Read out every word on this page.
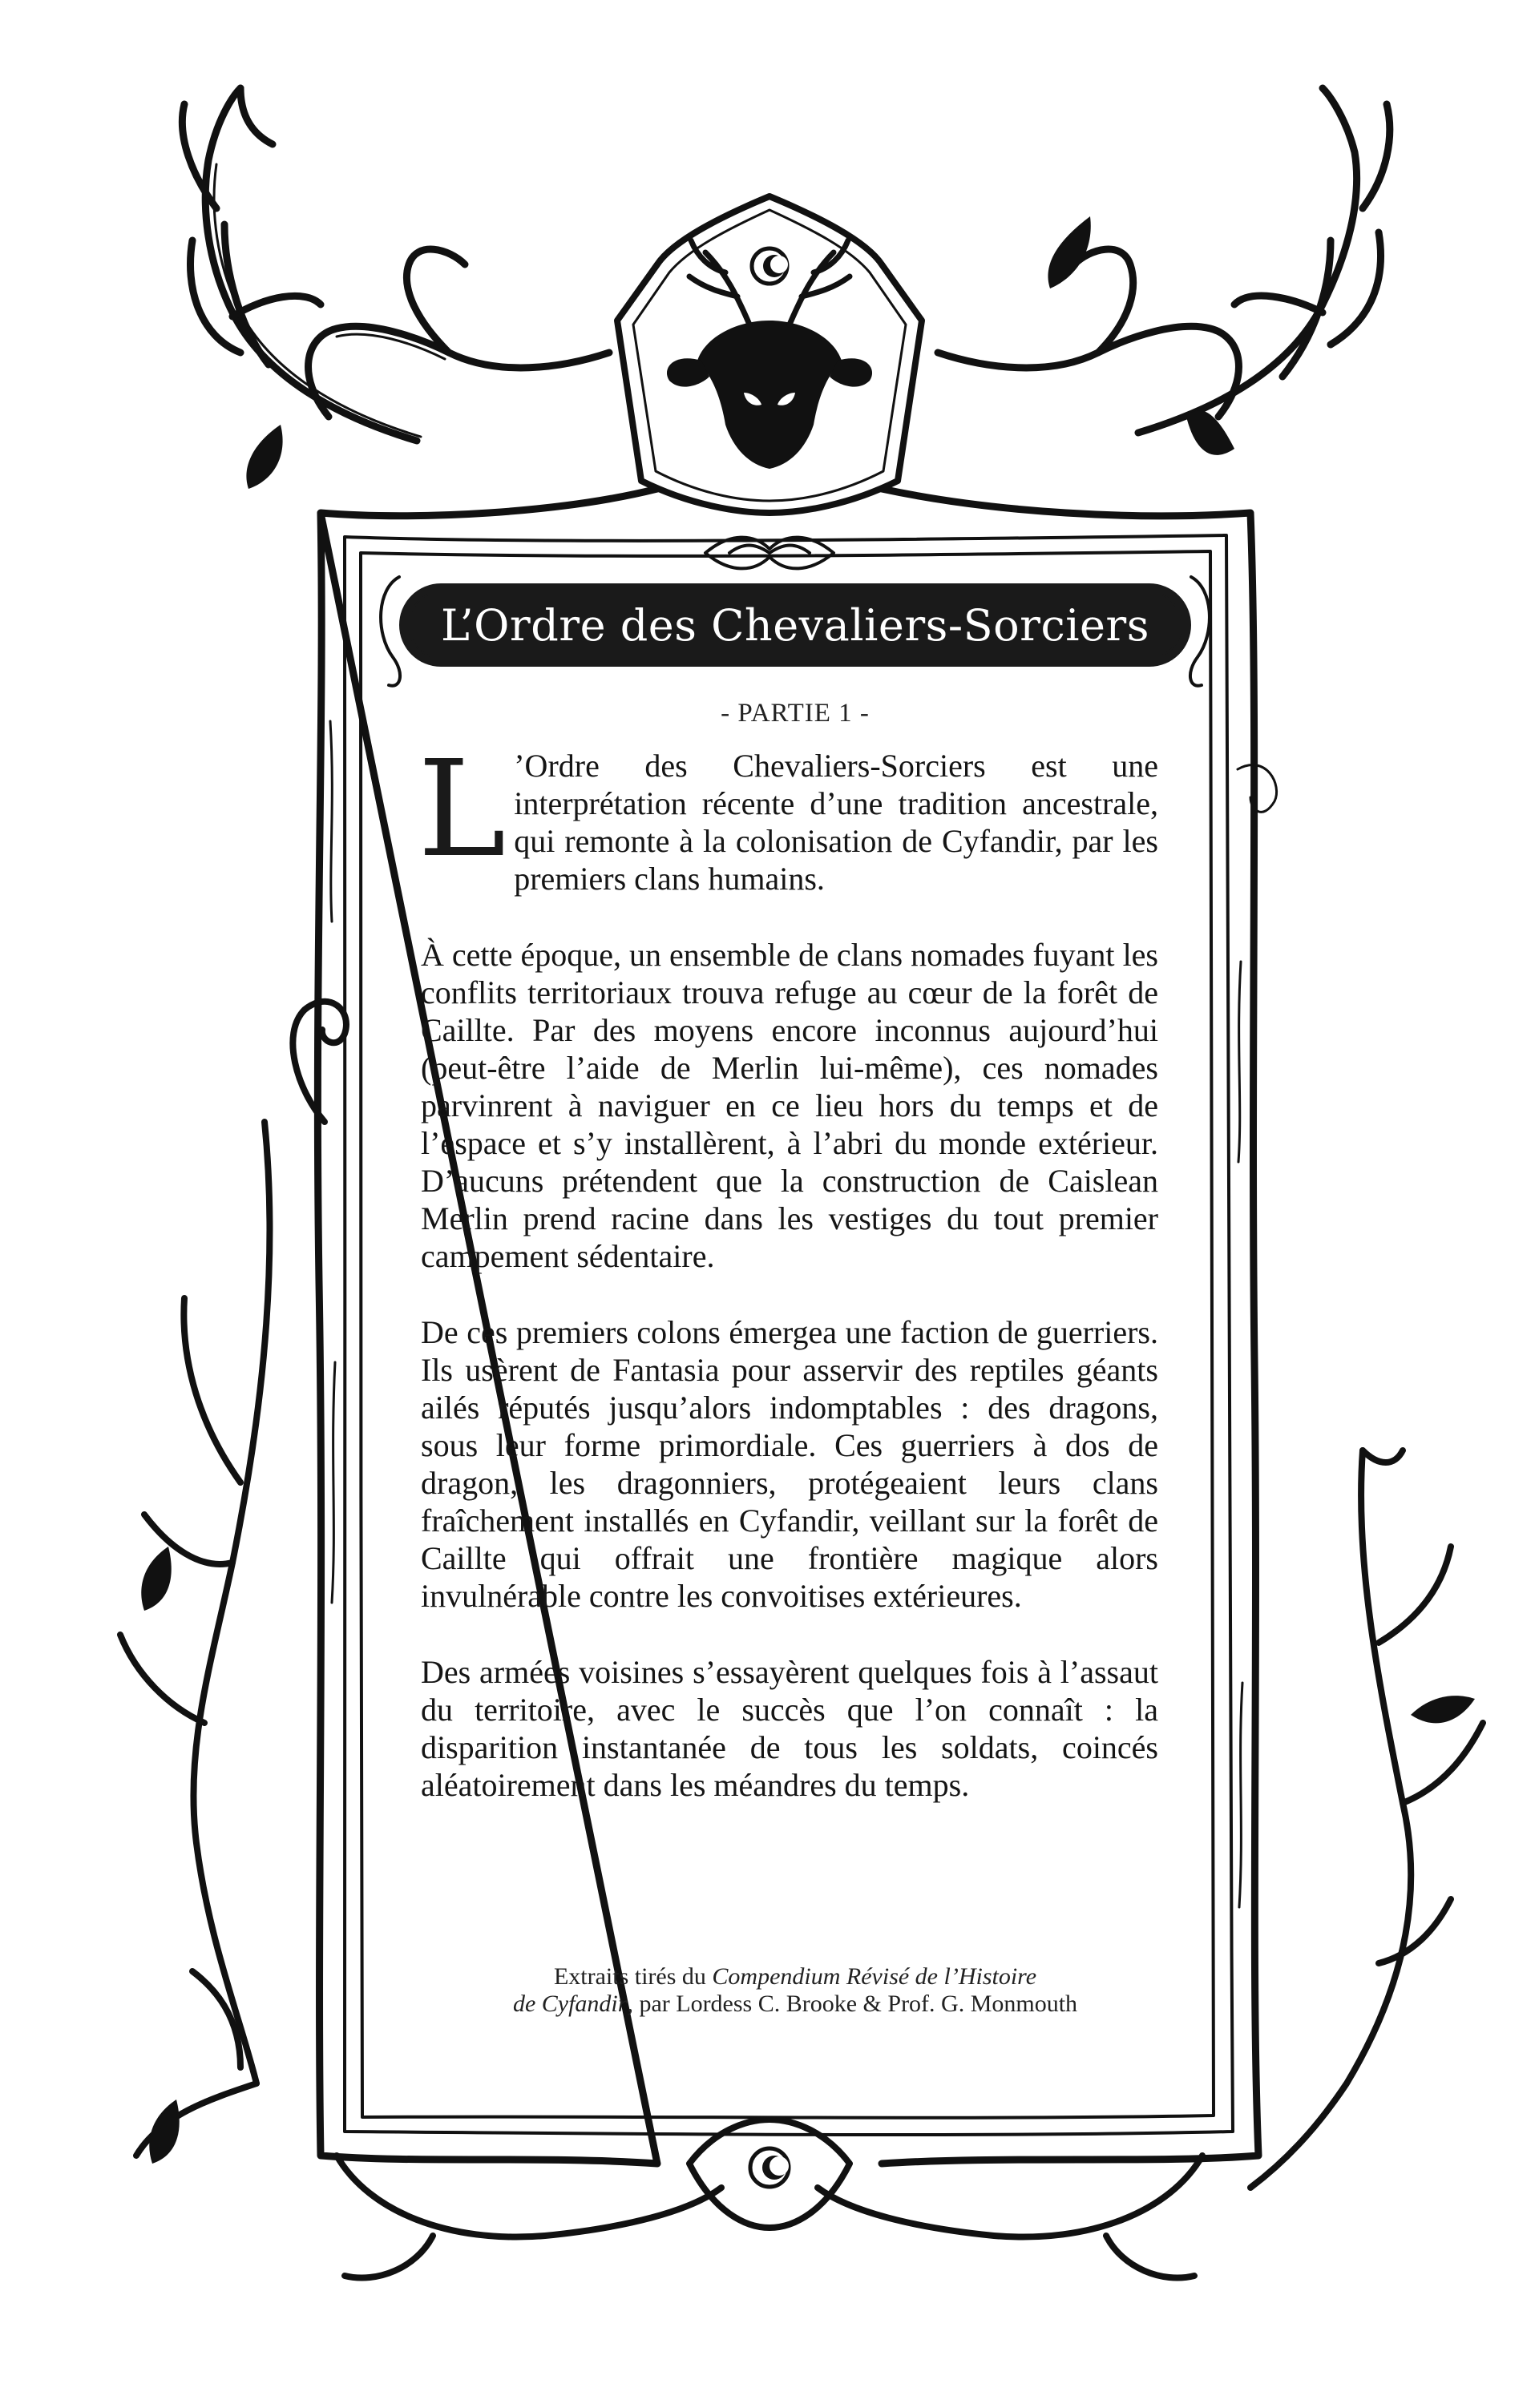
L’Ordre des Chevaliers-Sorciers
- PARTIE 1 -

L ’Ordre des Chevaliers-Sorciers est une interprétation récente d’une tradition ancestrale, qui remonte à la colonisation de Cyfandir, par les premiers clans humains.

À cette époque, un ensemble de clans nomades fuyant les conflits territoriaux trouva refuge au cœur de la forêt de Caillte. Par des moyens encore inconnus aujourd’hui (peut-être l’aide de Merlin lui-même), ces nomades parvinrent à naviguer en ce lieu hors du temps et de l’espace et s’y installèrent, à l’abri du monde extérieur. D’aucuns prétendent que la construction de Caislean Merlin prend racine dans les vestiges du tout premier campement sédentaire.

De ces premiers colons émergea une faction de guerriers. Ils usèrent de Fantasia pour asservir des reptiles géants ailés réputés jusqu’alors indomptables : des dragons, sous leur forme primordiale. Ces guerriers à dos de dragon, les dragonniers, protégeaient leurs clans fraîchement installés en Cyfandir, veillant sur la forêt de Caillte qui offrait une frontière magique alors invulnérable contre les convoitises extérieures.

Des armées voisines s’essayèrent quelques fois à l’assaut du territoire, avec le succès que l’on connaît : la disparition instantanée de tous les soldats, coincés aléatoirement dans les méandres du temps.

Extraits tirés du Compendium Révisé de l’Histoire
de Cyfandir, par Lordess C. Brooke & Prof. G. Monmouth
